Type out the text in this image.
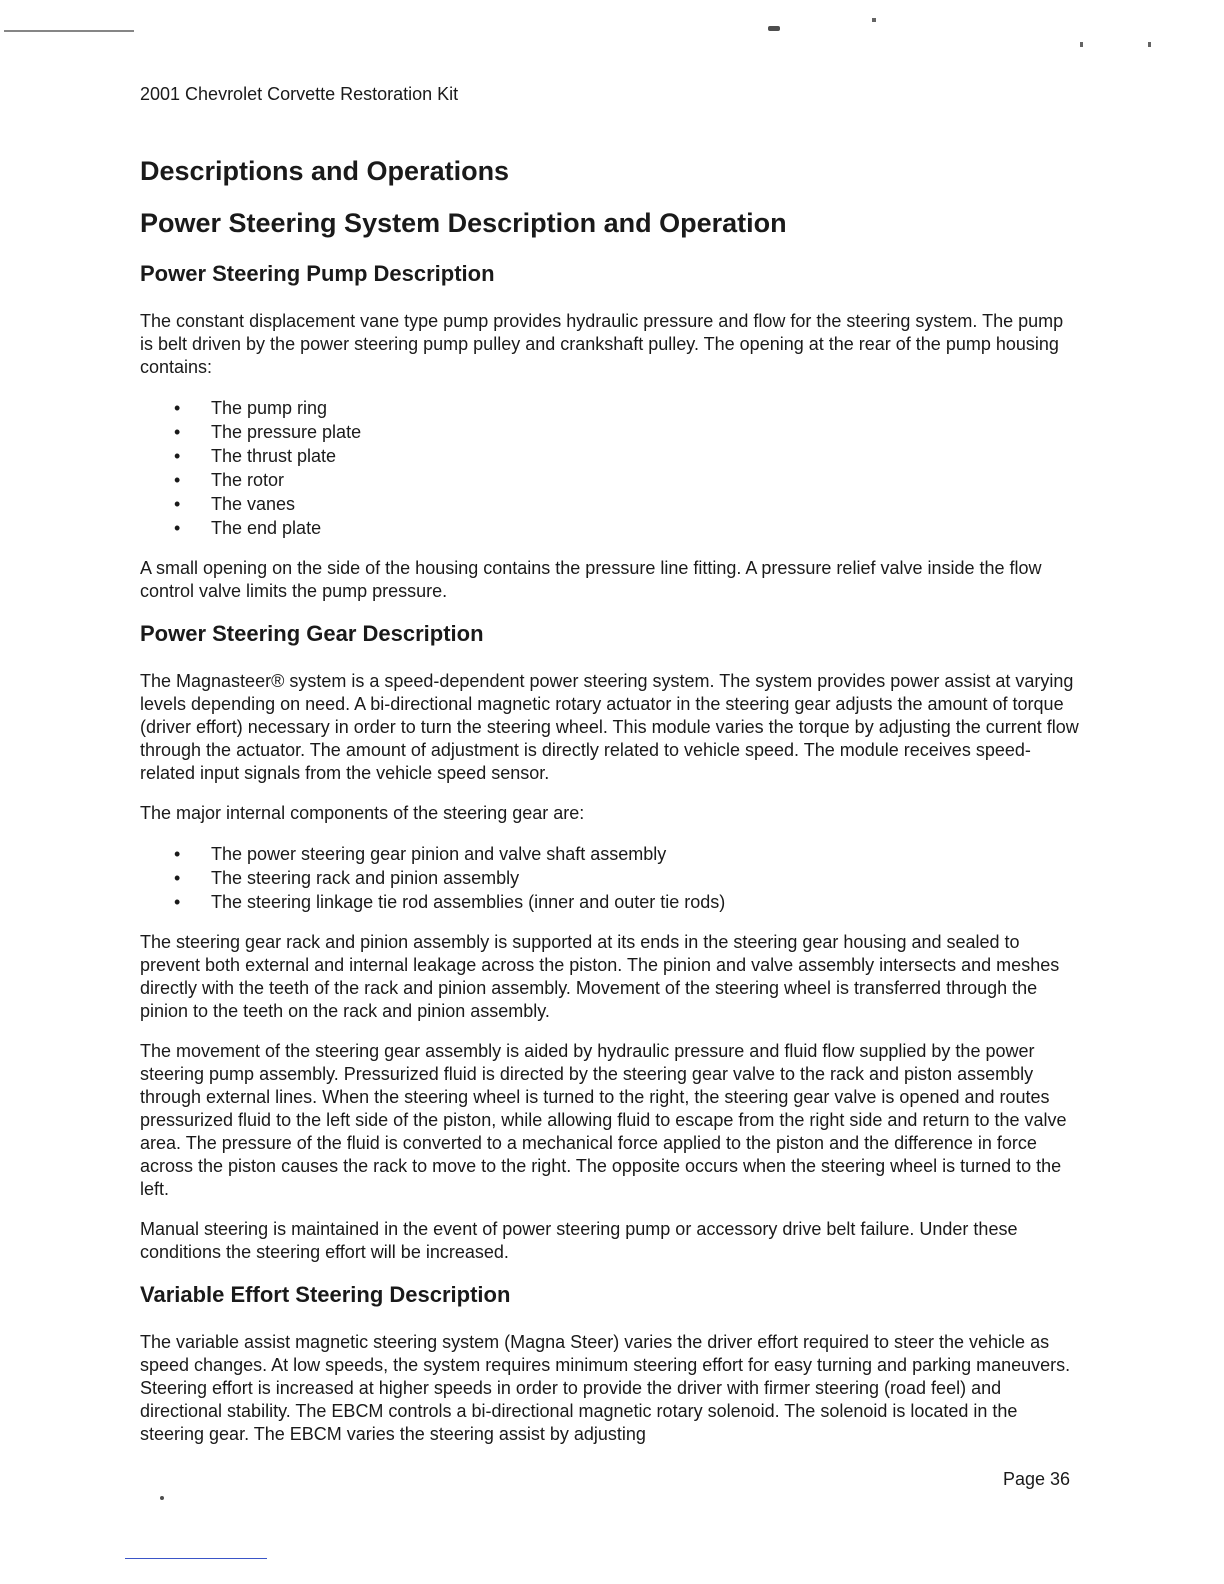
2001 Chevrolet Corvette Restoration Kit
Descriptions and Operations
Power Steering System Description and Operation
Power Steering Pump Description

The constant displacement vane type pump provides hydraulic pressure and flow for the steering system. The pump is belt driven by the power steering pump pulley and crankshaft pulley. The opening at the rear of the pump housing contains:

• The pump ring
• The pressure plate
• The thrust plate
• The rotor
• The vanes
• The end plate

A small opening on the side of the housing contains the pressure line fitting. A pressure relief valve inside the flow control valve limits the pump pressure.

Power Steering Gear Description

The Magnasteer® system is a speed-dependent power steering system. The system provides power assist at varying levels depending on need. A bi-directional magnetic rotary actuator in the steering gear adjusts the amount of torque (driver effort) necessary in order to turn the steering wheel. This module varies the torque by adjusting the current flow through the actuator. The amount of adjustment is directly related to vehicle speed. The module receives speed-related input signals from the vehicle speed sensor.

The major internal components of the steering gear are:

• The power steering gear pinion and valve shaft assembly
• The steering rack and pinion assembly
• The steering linkage tie rod assemblies (inner and outer tie rods)

The steering gear rack and pinion assembly is supported at its ends in the steering gear housing and sealed to prevent both external and internal leakage across the piston. The pinion and valve assembly intersects and meshes directly with the teeth of the rack and pinion assembly. Movement of the steering wheel is transferred through the pinion to the teeth on the rack and pinion assembly.

The movement of the steering gear assembly is aided by hydraulic pressure and fluid flow supplied by the power steering pump assembly. Pressurized fluid is directed by the steering gear valve to the rack and piston assembly through external lines. When the steering wheel is turned to the right, the steering gear valve is opened and routes pressurized fluid to the left side of the piston, while allowing fluid to escape from the right side and return to the valve area. The pressure of the fluid is converted to a mechanical force applied to the piston and the difference in force across the piston causes the rack to move to the right. The opposite occurs when the steering wheel is turned to the left.

Manual steering is maintained in the event of power steering pump or accessory drive belt failure. Under these conditions the steering effort will be increased.

Variable Effort Steering Description

The variable assist magnetic steering system (Magna Steer) varies the driver effort required to steer the vehicle as speed changes. At low speeds, the system requires minimum steering effort for easy turning and parking maneuvers. Steering effort is increased at higher speeds in order to provide the driver with firmer steering (road feel) and directional stability. The EBCM controls a bi-directional magnetic rotary solenoid. The solenoid is located in the steering gear. The EBCM varies the steering assist by adjusting

Page 36
